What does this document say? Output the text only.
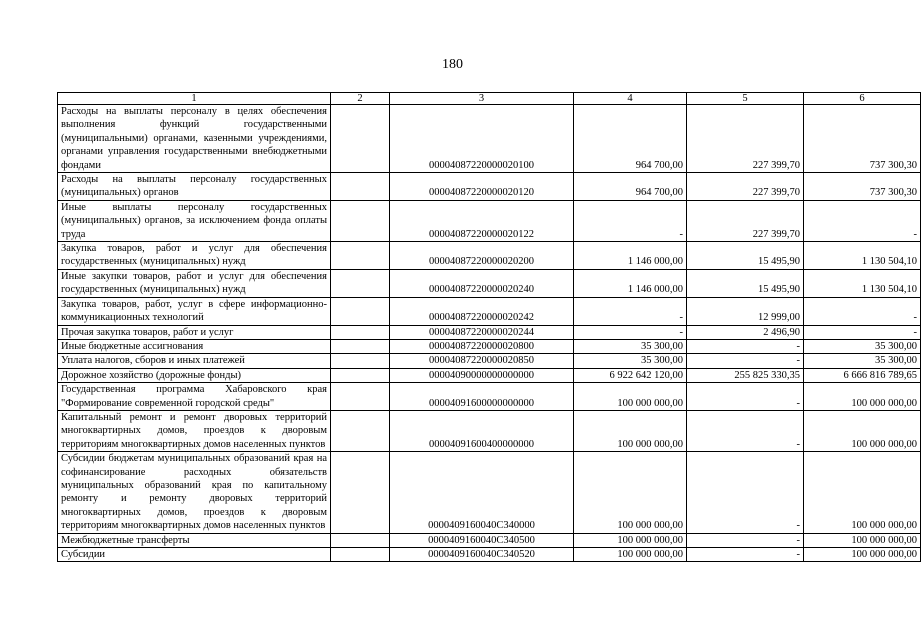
180
1	2	3	4	5	6
Расходы на выплаты персоналу в целях обеспечения выполнения функций государственными (муниципальными) органами, казенными учреждениями, органами управления государственными внебюджетными фондами		00004087220000020100	964 700,00	227 399,70	737 300,30
Расходы на выплаты персоналу государственных (муниципальных) органов		00004087220000020120	964 700,00	227 399,70	737 300,30
Иные выплаты персоналу государственных (муниципальных) органов, за исключением фонда оплаты труда		00004087220000020122	-	227 399,70	-
Закупка товаров, работ и услуг для обеспечения государственных (муниципальных) нужд		00004087220000020200	1 146 000,00	15 495,90	1 130 504,10
Иные закупки товаров, работ и услуг для обеспечения государственных (муниципальных) нужд		00004087220000020240	1 146 000,00	15 495,90	1 130 504,10
Закупка товаров, работ, услуг в сфере информационно-коммуникационных технологий		00004087220000020242	-	12 999,00	-
Прочая закупка товаров, работ и услуг		00004087220000020244	-	2 496,90	-
Иные бюджетные ассигнования		00004087220000020800	35 300,00	-	35 300,00
Уплата налогов, сборов и иных платежей		00004087220000020850	35 300,00	-	35 300,00
Дорожное хозяйство (дорожные фонды)		00004090000000000000	6 922 642 120,00	255 825 330,35	6 666 816 789,65
Государственная программа Хабаровского края "Формирование современной городской среды"		00004091600000000000	100 000 000,00	-	100 000 000,00
Капитальный ремонт и ремонт дворовых территорий многоквартирных домов, проездов к дворовым территориям многоквартирных домов населенных пунктов		00004091600400000000	100 000 000,00	-	100 000 000,00
Субсидии бюджетам муниципальных образований края на софинансирование расходных обязательств муниципальных образований края по капитальному ремонту и ремонту дворовых территорий многоквартирных домов, проездов к дворовым территориям многоквартирных домов населенных пунктов		0000409160040C340000	100 000 000,00	-	100 000 000,00
Межбюджетные трансферты		0000409160040C340500	100 000 000,00	-	100 000 000,00
Субсидии		0000409160040C340520	100 000 000,00	-	100 000 000,00
